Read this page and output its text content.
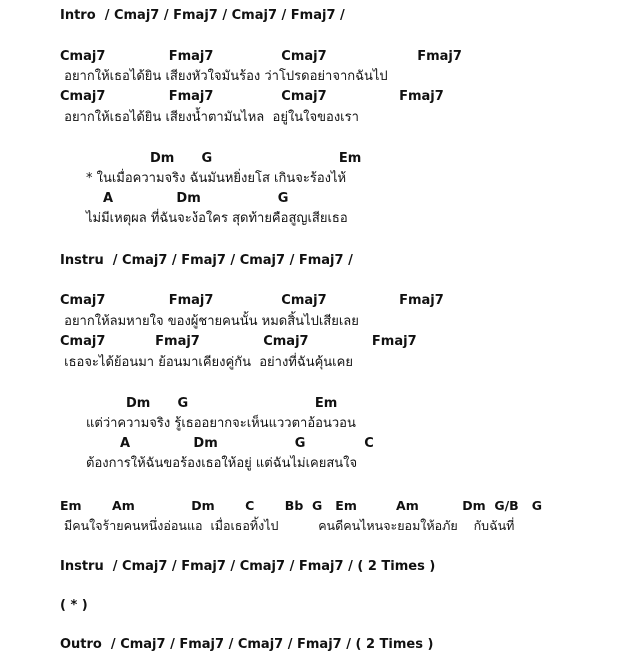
Intro  / Cmaj7 / Fmaj7 / Cmaj7 / Fmaj7 /

Cmaj7              Fmaj7               Cmaj7                    Fmaj7

อยากให้เธอได้ยิน เสียงหัวใจมันร้อง ว่าโปรดอย่าจากฉันไป

Cmaj7              Fmaj7               Cmaj7                Fmaj7

อยากให้เธอได้ยิน เสียงน้ำตามันไหล  อยู่ในใจของเรา

Dm      G                            Em

* ในเมื่อความจริง ฉันมันหยิ่งยโส เกินจะร้องไห้

A              Dm                 G

ไม่มีเหตุผล ที่ฉันจะง้อใคร สุดท้ายคือสูญเสียเธอ

Instru  / Cmaj7 / Fmaj7 / Cmaj7 / Fmaj7 /

Cmaj7              Fmaj7               Cmaj7                Fmaj7

อยากให้ลมหายใจ ของผู้ชายคนนั้น หมดสิ้นไปเสียเลย

Cmaj7           Fmaj7              Cmaj7              Fmaj7

เธอจะได้ย้อนมา ย้อนมาเคียงคู่กัน  อย่างที่ฉันคุ้นเคย

Dm      G                            Em

แต่ว่าความจริง รู้เธออยากจะเห็นแววตาอ้อนวอน

A              Dm                 G             C

ต้องการให้ฉันขอร้องเธอให้อยู่ แต่ฉันไม่เคยสนใจ

Em       Am             Dm       C       Bb  G   Em         Am          Dm  G/B   G

มีคนใจร้ายคนหนึ่งอ่อนแอ  เมื่อเธอทิ้งไป          คนดีคนไหนจะยอมให้อภัย    กับฉันที่

Instru  / Cmaj7 / Fmaj7 / Cmaj7 / Fmaj7 / ( 2 Times )

( * )

Outro  / Cmaj7 / Fmaj7 / Cmaj7 / Fmaj7 / ( 2 Times )
